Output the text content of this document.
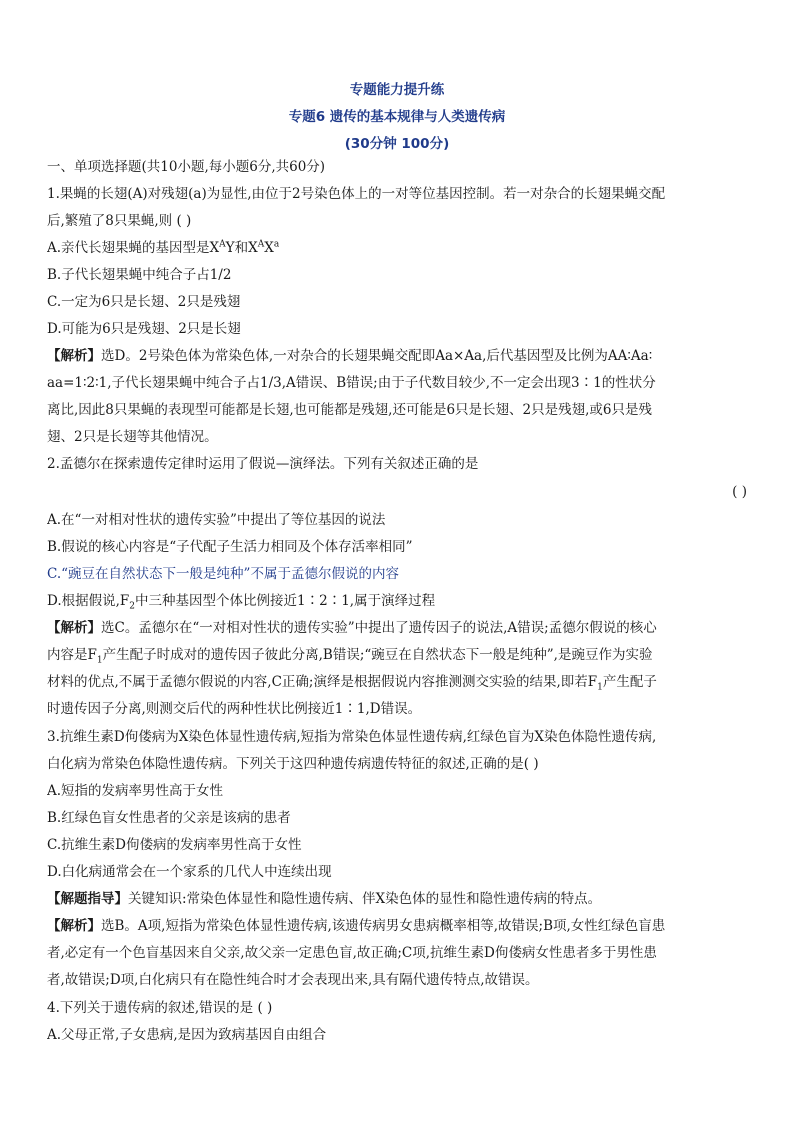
专题能力提升练
专题6 遗传的基本规律与人类遗传病
(30分钟 100分)
一、单项选择题(共10小题,每小题6分,共60分)
1.果蝇的长翅(A)对残翅(a)为显性,由位于2号染色体上的一对等位基因控制。若一对杂合的长翅果蝇交配
后,繁殖了8只果蝇,则 ( )
A.亲代长翅果蝇的基因型是$X^AY$和$X^AX^a$
B.子代长翅果蝇中纯合子占1/2
C.一定为6只是长翅、2只是残翅
D.可能为6只是残翅、2只是长翅
【解析】选D。2号染色体为常染色体,一对杂合的长翅果蝇交配即Aa×Aa,后代基因型及比例为AA∶Aa∶
aa=1∶2∶1,子代长翅果蝇中纯合子占1/3,A错误、B错误;由于子代数目较少,不一定会出现3∶1的性状分
离比,因此8只果蝇的表现型可能都是长翅,也可能都是残翅,还可能是6只是长翅、2只是残翅,或6只是残
翅、2只是长翅等其他情况。
2.孟德尔在探索遗传定律时运用了假说—演绎法。下列有关叙述正确的是
( )
A.在“一对相对性状的遗传实验”中提出了等位基因的说法
B.假说的核心内容是“子代配子生活力相同及个体存活率相同”
C.“豌豆在自然状态下一般是纯种”不属于孟德尔假说的内容
D.根据假说$,F_2$中三种基因型个体比例接近1∶2∶1,属于演绎过程
【解析】选C。孟德尔在“一对相对性状的遗传实验”中提出了遗传因子的说法,A错误;孟德尔假说的核心
内容是$F_1$产生配子时成对的遗传因子彼此分离,B错误;“豌豆在自然状态下一般是纯种”,是豌豆作为实验
材料的优点,不属于孟德尔假说的内容,C正确;演绎是根据假说内容推测测交实验的结果,即若$F_1$产生配子
时遗传因子分离,则测交后代的两种性状比例接近1∶1,D错误。
3.抗维生素D佝偻病为X染色体显性遗传病,短指为常染色体显性遗传病,红绿色盲为X染色体隐性遗传病,
白化病为常染色体隐性遗传病。下列关于这四种遗传病遗传特征的叙述,正确的是( )
A.短指的发病率男性高于女性
B.红绿色盲女性患者的父亲是该病的患者
C.抗维生素D佝偻病的发病率男性高于女性
D.白化病通常会在一个家系的几代人中连续出现
【解题指导】关键知识:常染色体显性和隐性遗传病、伴X染色体的显性和隐性遗传病的特点。
【解析】选B。A项,短指为常染色体显性遗传病,该遗传病男女患病概率相等,故错误;B项,女性红绿色盲患
者,必定有一个色盲基因来自父亲,故父亲一定患色盲,故正确;C项,抗维生素D佝偻病女性患者多于男性患
者,故错误;D项,白化病只有在隐性纯合时才会表现出来,具有隔代遗传特点,故错误。
4.下列关于遗传病的叙述,错误的是 ( )
A.父母正常,子女患病,是因为致病基因自由组合
